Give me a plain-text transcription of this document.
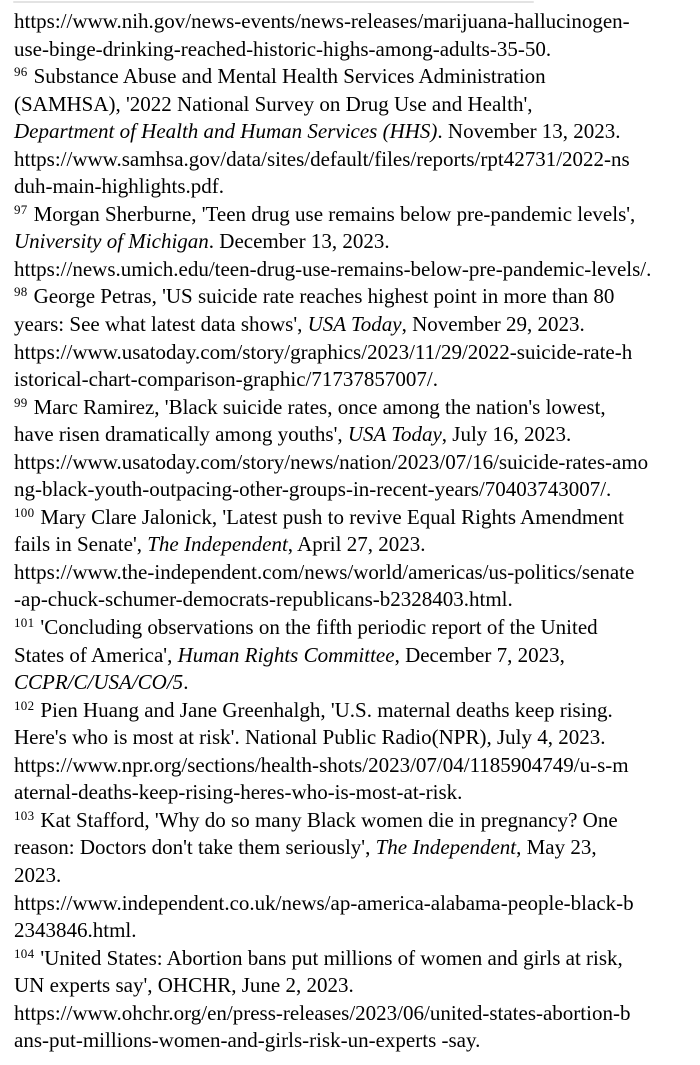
https://www.nih.gov/news-events/news-releases/marijuana-hallucinogen-
use-binge-drinking-reached-historic-highs-among-adults-35-50.
$^{96}$ Substance Abuse and Mental Health Services Administration
(SAMHSA), '2022 National Survey on Drug Use and Health',
Department of Health and Human Services (HHS). November 13, 2023.
https://www.samhsa.gov/data/sites/default/files/reports/rpt42731/2022-ns
duh-main-highlights.pdf.
$^{97}$ Morgan Sherburne, 'Teen drug use remains below pre-pandemic levels',
University of Michigan. December 13, 2023.
https://news.umich.edu/teen-drug-use-remains-below-pre-pandemic-levels/.
$^{98}$ George Petras, 'US suicide rate reaches highest point in more than 80
years: See what latest data shows', USA Today, November 29, 2023.
https://www.usatoday.com/story/graphics/2023/11/29/2022-suicide-rate-h
istorical-chart-comparison-graphic/71737857007/.
$^{99}$ Marc Ramirez, 'Black suicide rates, once among the nation's lowest,
have risen dramatically among youths', USA Today, July 16, 2023.
https://www.usatoday.com/story/news/nation/2023/07/16/suicide-rates-amo
ng-black-youth-outpacing-other-groups-in-recent-years/70403743007/.
$^{100}$ Mary Clare Jalonick, 'Latest push to revive Equal Rights Amendment
fails in Senate', The Independent, April 27, 2023.
https://www.the-independent.com/news/world/americas/us-politics/senate
-ap-chuck-schumer-democrats-republicans-b2328403.html.
$^{101}$ 'Concluding observations on the fifth periodic report of the United
States of America', Human Rights Committee, December 7, 2023,
CCPR/C/USA/CO/5.
$^{102}$ Pien Huang and Jane Greenhalgh, 'U.S. maternal deaths keep rising.
Here's who is most at risk'. National Public Radio(NPR), July 4, 2023.
https://www.npr.org/sections/health-shots/2023/07/04/1185904749/u-s-m
aternal-deaths-keep-rising-heres-who-is-most-at-risk.
$^{103}$ Kat Stafford, 'Why do so many Black women die in pregnancy? One
reason: Doctors don't take them seriously', The Independent, May 23,
2023.
https://www.independent.co.uk/news/ap-america-alabama-people-black-b
2343846.html.
$^{104}$ 'United States: Abortion bans put millions of women and girls at risk,
UN experts say', OHCHR, June 2, 2023.
https://www.ohchr.org/en/press-releases/2023/06/united-states-abortion-b
ans-put-millions-women-and-girls-risk-un-experts -say.
